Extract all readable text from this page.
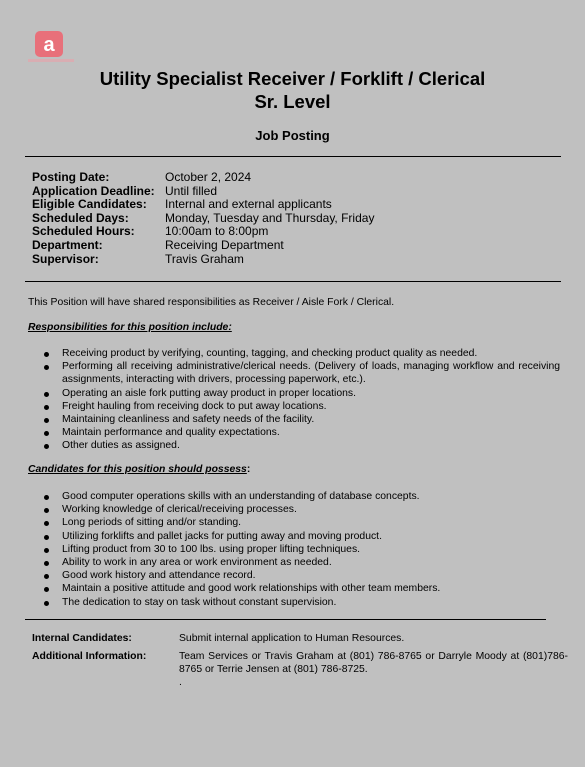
a
Utility Specialist Receiver / Forklift / Clerical
Sr. Level
Job Posting
Posting Date:	October 2, 2024
Application Deadline: Until filled
Eligible Candidates:	Internal and external applicants
Scheduled Days:	Monday, Tuesday and Thursday, Friday
Scheduled Hours:	10:00am to 8:00pm
Department:	Receiving Department
Supervisor:	Travis Graham
This Position will have shared responsibilities as Receiver / Aisle Fork / Clerical.
Responsibilities for this position include:
Receiving product by verifying, counting, tagging, and checking product quality as needed.
Performing all receiving administrative/clerical needs. (Delivery of loads, managing workflow and receiving assignments, interacting with drivers, processing paperwork, etc.).
Operating an aisle fork putting away product in proper locations.
Freight hauling from receiving dock to put away locations.
Maintaining cleanliness and safety needs of the facility.
Maintain performance and quality expectations.
Other duties as assigned.
Candidates for this position should possess:
Good computer operations skills with an understanding of database concepts.
Working knowledge of clerical/receiving processes.
Long periods of sitting and/or standing.
Utilizing forklifts and pallet jacks for putting away and moving product.
Lifting product from 30 to 100 lbs. using proper lifting techniques.
Ability to work in any area or work environment as needed.
Good work history and attendance record.
Maintain a positive attitude and good work relationships with other team members.
The dedication to stay on task without constant supervision.
Internal Candidates:	Submit internal application to Human Resources.
Additional Information:	Team Services or Travis Graham at (801) 786-8765 or Darryle Moody at (801)786-8765 or Terrie Jensen at (801) 786-8725.
.
